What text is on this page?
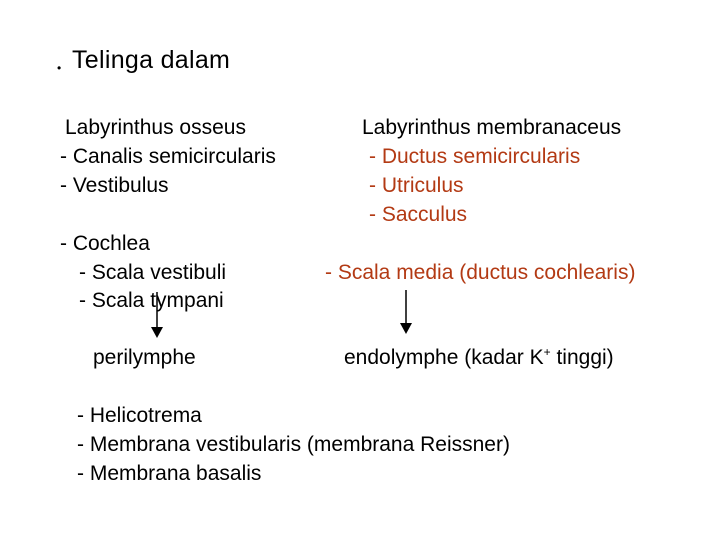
• Telinga dalam
Labyrinthus osseus
- Canalis semicircularis
- Vestibulus
- Cochlea
- Scala vestibuli
- Scala tympani
perilymphe
Labyrinthus membranaceus
- Ductus semicircularis
- Utriculus
- Sacculus
- Scala media (ductus cochlearis)
endolymphe (kadar K+ tinggi)
- Helicotrema
- Membrana vestibularis (membrana Reissner)
- Membrana basalis
